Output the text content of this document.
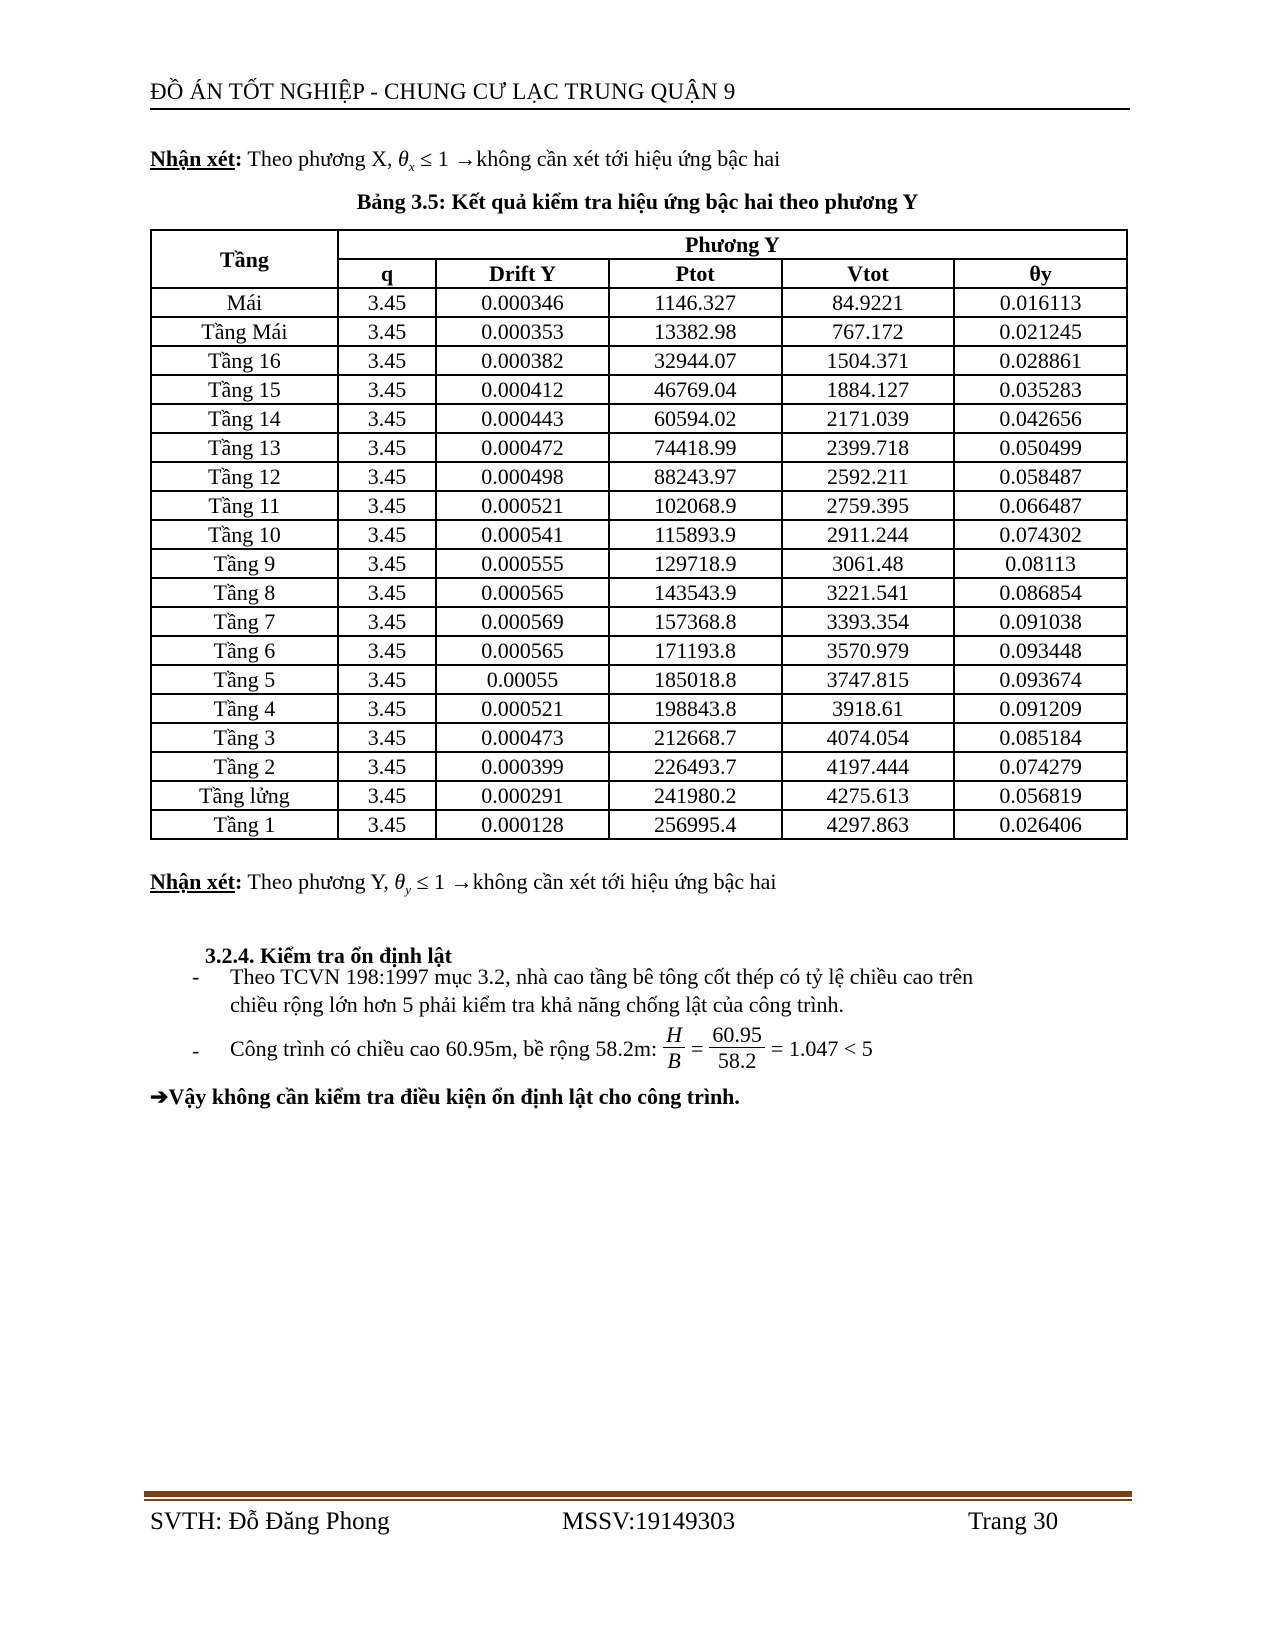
ĐỒ ÁN TỐT NGHIỆP - CHUNG CƯ LẠC TRUNG QUẬN 9
Nhận xét: Theo phương X, $\theta_x \le 1$ →không cần xét tới hiệu ứng bậc hai
Bảng 3.5: Kết quả kiểm tra hiệu ứng bậc hai theo phương Y
Tầng	Phương Y				
	q	Drift Y	Ptot	Vtot	θy
Mái	3.45	0.000346	1146.327	84.9221	0.016113
Tầng Mái	3.45	0.000353	13382.98	767.172	0.021245
Tầng 16	3.45	0.000382	32944.07	1504.371	0.028861
Tầng 15	3.45	0.000412	46769.04	1884.127	0.035283
Tầng 14	3.45	0.000443	60594.02	2171.039	0.042656
Tầng 13	3.45	0.000472	74418.99	2399.718	0.050499
Tầng 12	3.45	0.000498	88243.97	2592.211	0.058487
Tầng 11	3.45	0.000521	102068.9	2759.395	0.066487
Tầng 10	3.45	0.000541	115893.9	2911.244	0.074302
Tầng 9	3.45	0.000555	129718.9	3061.48	0.08113
Tầng 8	3.45	0.000565	143543.9	3221.541	0.086854
Tầng 7	3.45	0.000569	157368.8	3393.354	0.091038
Tầng 6	3.45	0.000565	171193.8	3570.979	0.093448
Tầng 5	3.45	0.00055	185018.8	3747.815	0.093674
Tầng 4	3.45	0.000521	198843.8	3918.61	0.091209
Tầng 3	3.45	0.000473	212668.7	4074.054	0.085184
Tầng 2	3.45	0.000399	226493.7	4197.444	0.074279
Tầng lửng	3.45	0.000291	241980.2	4275.613	0.056819
Tầng 1	3.45	0.000128	256995.4	4297.863	0.026406
Nhận xét: Theo phương Y, $\theta_y \le 1$ →không cần xét tới hiệu ứng bậc hai
3.2.4. Kiểm tra ổn định lật
- Theo TCVN 198:1997 mục 3.2, nhà cao tầng bê tông cốt thép có tỷ lệ chiều cao trên
chiều rộng lớn hơn 5 phải kiểm tra khả năng chống lật của công trình.
- Công trình có chiều cao 60.95m, bề rộng 58.2m: $\frac{H}{B} = \frac{60.95}{58.2} = 1.047 < 5$
➔Vậy không cần kiểm tra điều kiện ổn định lật cho công trình.
SVTH: Đỗ Đăng Phong	MSSV:19149303	Trang 30
